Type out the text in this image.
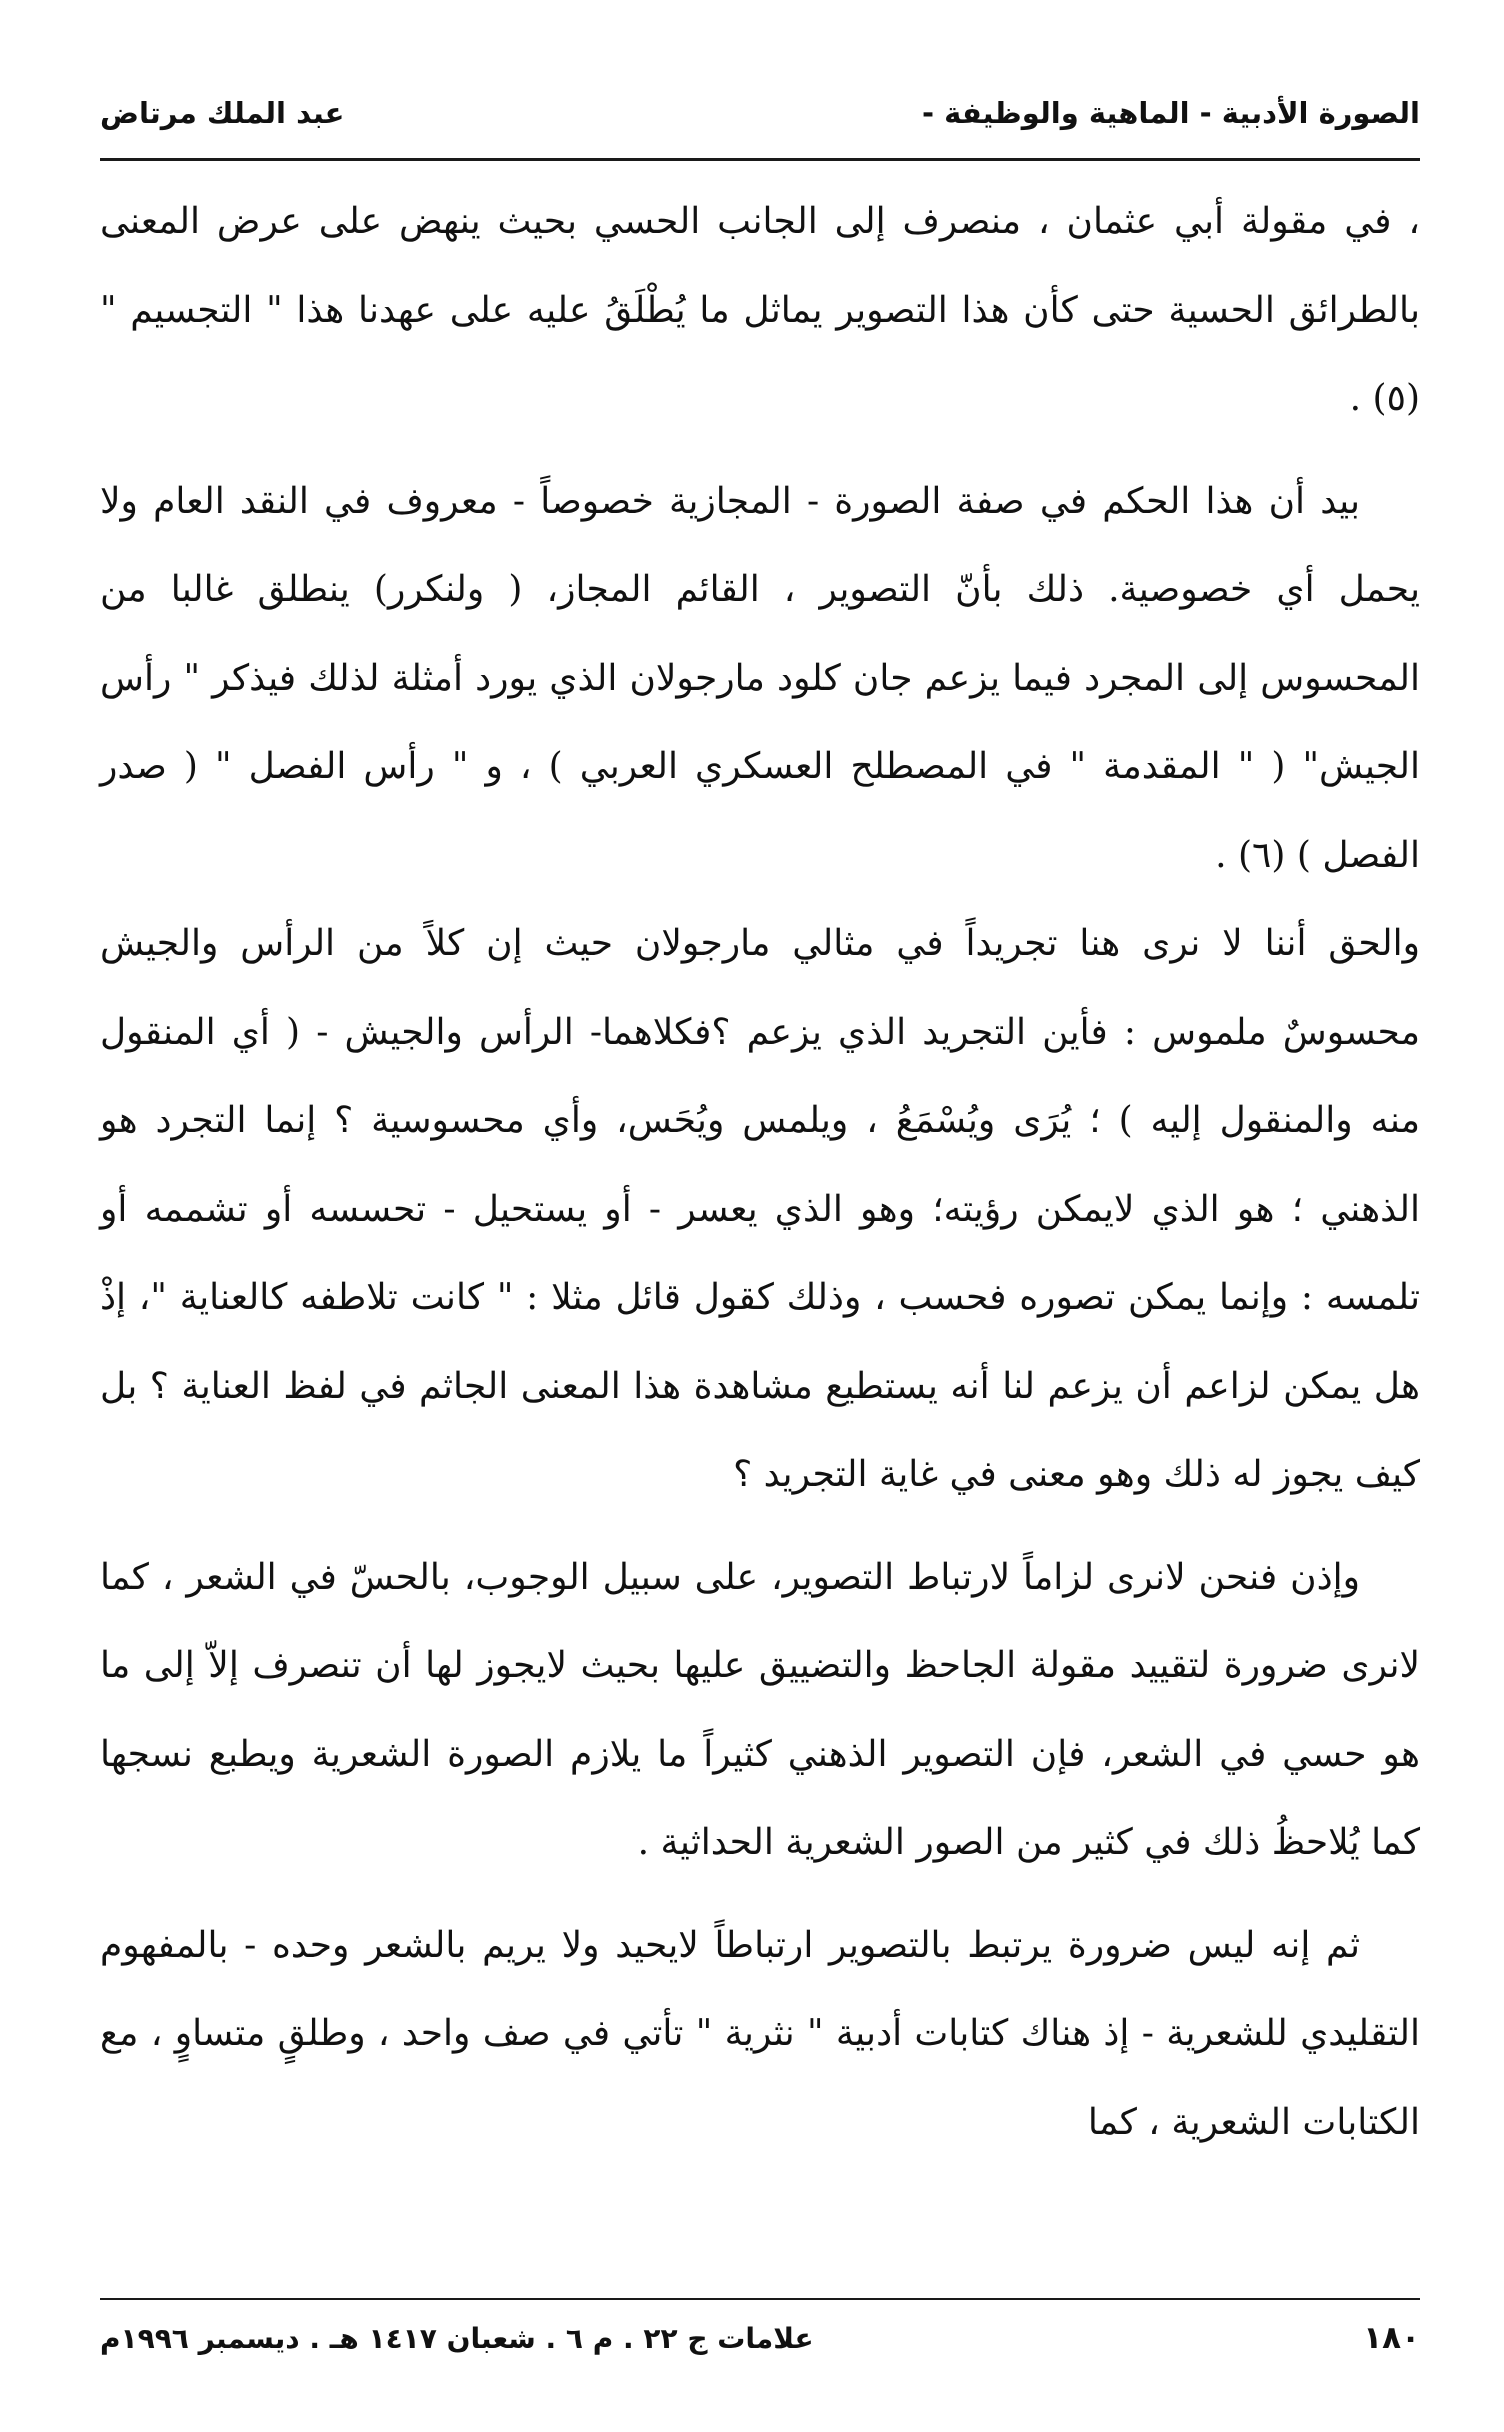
الصورة الأدبية - الماهية والوظيفة -
عبد الملك مرتاض

، في مقولة أبي عثمان ، منصرف إلى الجانب الحسي بحيث ينهض على عرض المعنى بالطرائق الحسية حتى كأن هذا التصوير يماثل ما يُطْلَقُ عليه على عهدنا هذا " التجسيم " (٥) .

بيد أن هذا الحكم في صفة الصورة - المجازية خصوصاً - معروف في النقد العام ولا يحمل أي خصوصية. ذلك بأنّ التصوير ، القائم المجاز، ( ولنكرر) ينطلق غالبا من المحسوس إلى المجرد فيما يزعم جان كلود مارجولان الذي يورد أمثلة لذلك فيذكر " رأس الجيش" ( " المقدمة " في المصطلح العسكري العربي ) ، و " رأس الفصل " ( صدر الفصل ) (٦) .

والحق أننا لا نرى هنا تجريداً في مثالي مارجولان حيث إن كلاً من الرأس والجيش محسوسٌ ملموس : فأين التجريد الذي يزعم ؟فكلاهما- الرأس والجيش - ( أي المنقول منه والمنقول إليه ) ؛ يُرَى ويُسْمَعُ ، ويلمس ويُحَس، وأي محسوسية ؟ إنما التجرد هو الذهني ؛ هو الذي لايمكن رؤيته؛ وهو الذي يعسر - أو يستحيل - تحسسه أو تشممه أو تلمسه : وإنما يمكن تصوره فحسب ، وذلك كقول قائل مثلا : " كانت تلاطفه كالعناية "، إذْ هل يمكن لزاعم أن يزعم لنا أنه يستطيع مشاهدة هذا المعنى الجاثم في لفظ العناية ؟ بل كيف يجوز له ذلك وهو معنى في غاية التجريد ؟

وإذن فنحن لانرى لزاماً لارتباط التصوير، على سبيل الوجوب، بالحسّ في الشعر ، كما لانرى ضرورة لتقييد مقولة الجاحظ والتضييق عليها بحيث لايجوز لها أن تنصرف إلاّ إلى ما هو حسي في الشعر، فإن التصوير الذهني كثيراً ما يلازم الصورة الشعرية ويطبع نسجها كما يُلاحظُ ذلك في كثير من الصور الشعرية الحداثية .

ثم إنه ليس ضرورة يرتبط بالتصوير ارتباطاً لايحيد ولا يريم بالشعر وحده - بالمفهوم التقليدي للشعرية - إذ هناك كتابات أدبية " نثرية " تأتي في صف واحد ، وطلقٍ متساوٍ ، مع الكتابات الشعرية ، كما

١٨٠
علامات ج ٢٢ . م ٦ . شعبان ١٤١٧ هـ . ديسمبر ١٩٩٦م
